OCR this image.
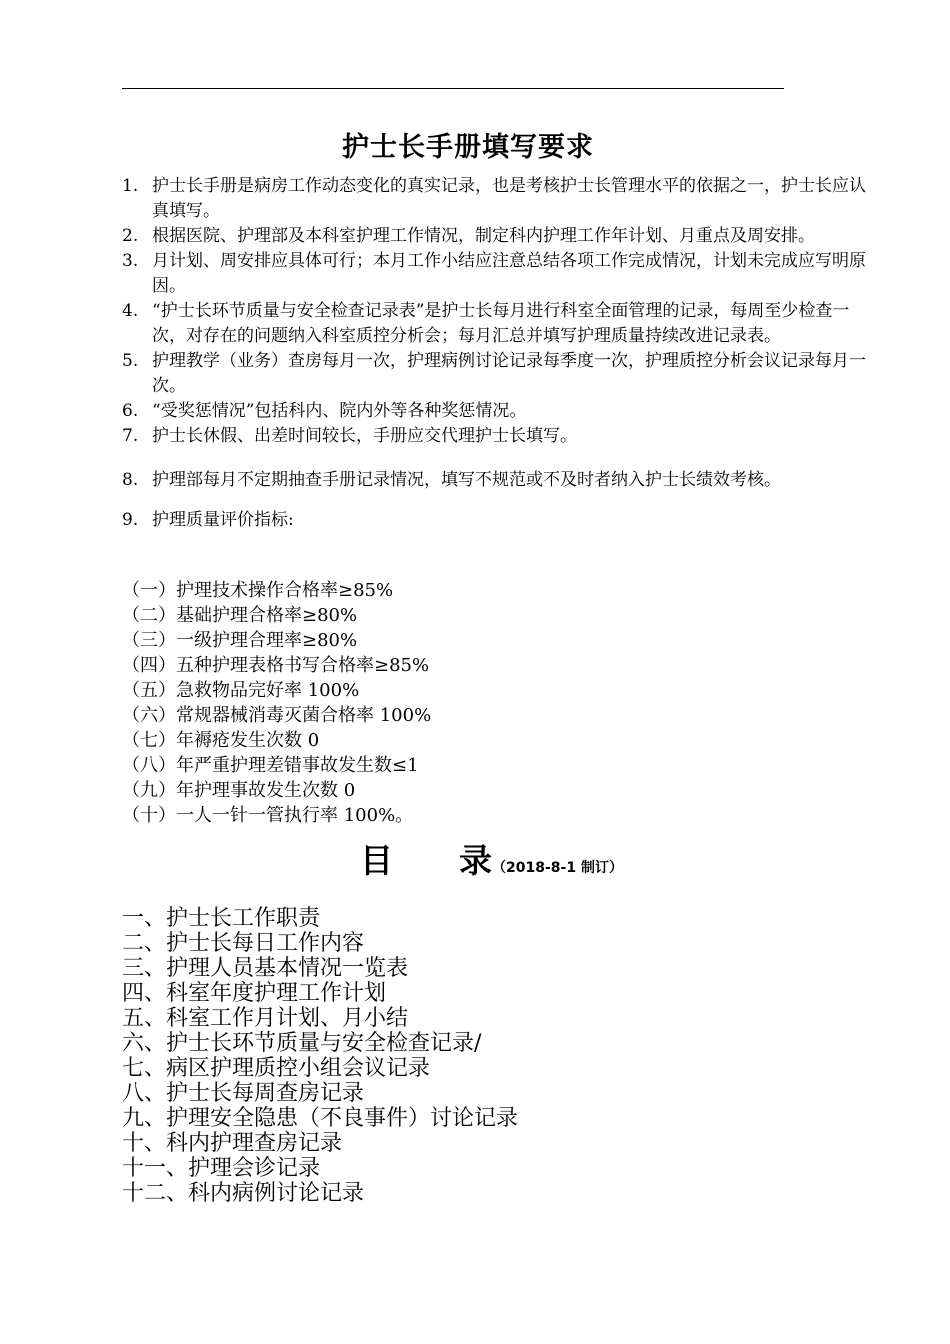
护士长手册填写要求
1. 护士长手册是病房工作动态变化的真实记录，也是考核护士长管理水平的依据之一，护士长应认真填写。
2. 根据医院、护理部及本科室护理工作情况，制定科内护理工作年计划、月重点及周安排。
3. 月计划、周安排应具体可行；本月工作小结应注意总结各项工作完成情况，计划未完成应写明原因。
4. “护士长环节质量与安全检查记录表”是护士长每月进行科室全面管理的记录，每周至少检查一次，对存在的问题纳入科室质控分析会；每月汇总并填写护理质量持续改进记录表。
5. 护理教学（业务）查房每月一次，护理病例讨论记录每季度一次，护理质控分析会议记录每月一次。
6. “受奖惩情况”包括科内、院内外等各种奖惩情况。
7. 护士长休假、出差时间较长，手册应交代理护士长填写。
8. 护理部每月不定期抽查手册记录情况，填写不规范或不及时者纳入护士长绩效考核。
9. 护理质量评价指标:
（一）护理技术操作合格率≥85%
（二）基础护理合格率≥80%
（三）一级护理合理率≥80%
（四）五种护理表格书写合格率≥85%
（五）急救物品完好率 100%
（六）常规器械消毒灭菌合格率 100%
（七）年褥疮发生次数 0
（八）年严重护理差错事故发生数≤1
（九）年护理事故发生次数 0
（十）一人一针一管执行率 100%。
目 录（2018-8-1 制订）
一、护士长工作职责
二、护士长每日工作内容
三、护理人员基本情况一览表
四、科室年度护理工作计划
五、科室工作月计划、月小结
六、护士长环节质量与安全检查记录/
七、病区护理质控小组会议记录
八、护士长每周查房记录
九、护理安全隐患（不良事件）讨论记录
十、科内护理查房记录
十一、护理会诊记录
十二、科内病例讨论记录
